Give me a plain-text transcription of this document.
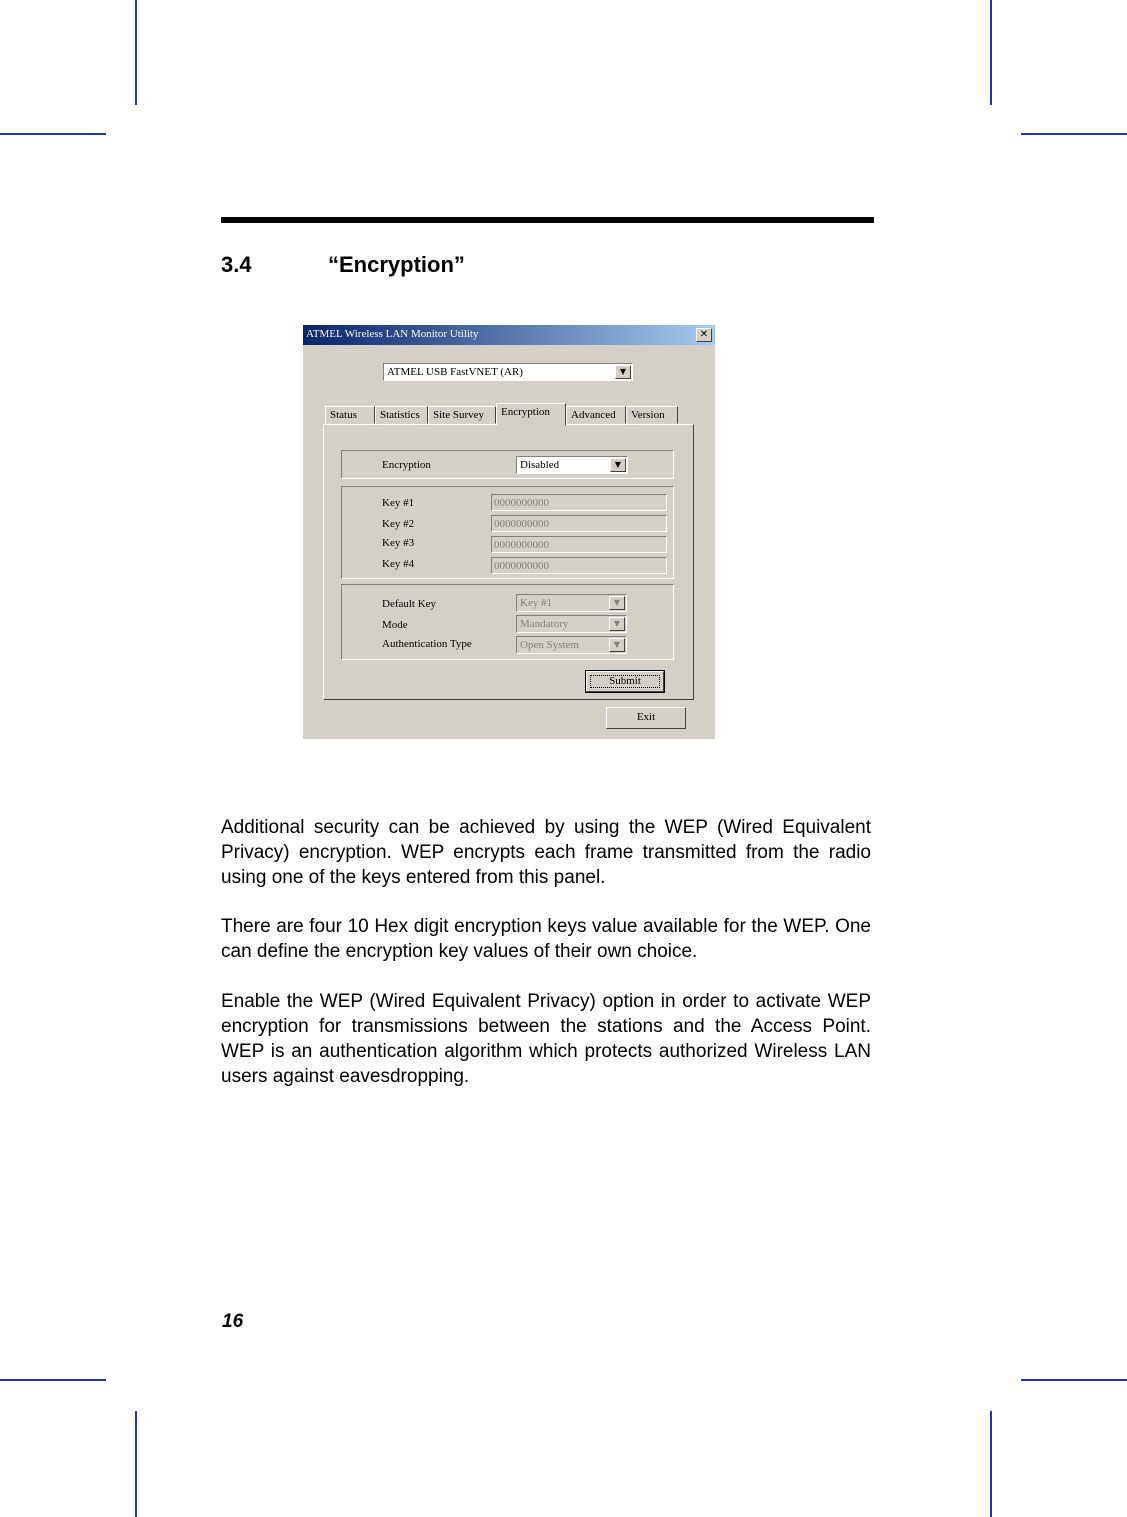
3.4	“Encryption”
ATMEL Wireless LAN Monitor Utility	✕
ATMEL USB FastVNET (AR)	▼
Status	Statistics	Site Survey	Encryption	Advanced	Version
Encryption	Disabled	▼
Key #1	0000000000
Key #2	0000000000
Key #3	0000000000
Key #4	0000000000
Default Key	Key #1	▼
Mode	Mandatory	▼
Authentication Type	Open System	▼
Submit
Exit

Additional security can be achieved by using the WEP (Wired Equivalent Privacy) encryption. WEP encrypts each frame transmitted from the radio using one of the keys entered from this panel.

There are four 10 Hex digit encryption keys value available for the WEP. One can define the encryption key values of their own choice.

Enable the WEP (Wired Equivalent Privacy) option in order to activate WEP encryption for transmissions between the stations and the Access Point. WEP is an authentication algorithm which protects authorized Wireless LAN users against eavesdropping.

16
